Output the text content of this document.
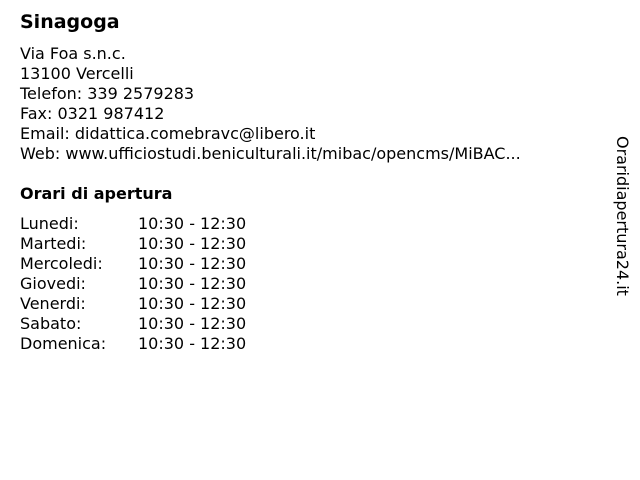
Sinagoga
Via Foa s.n.c.
13100 Vercelli
Telefon: 339 2579283
Fax: 0321 987412
Email: didattica.comebravc@libero.it
Web: www.ufficiostudi.beniculturali.it/mibac/opencms/MiBAC...
Orari di apertura
Lunedi:	10:30 - 12:30
Martedi:	10:30 - 12:30
Mercoledi:	10:30 - 12:30
Giovedi:	10:30 - 12:30
Venerdi:	10:30 - 12:30
Sabato:	10:30 - 12:30
Domenica:	10:30 - 12:30
Oraridiapertura24.it
